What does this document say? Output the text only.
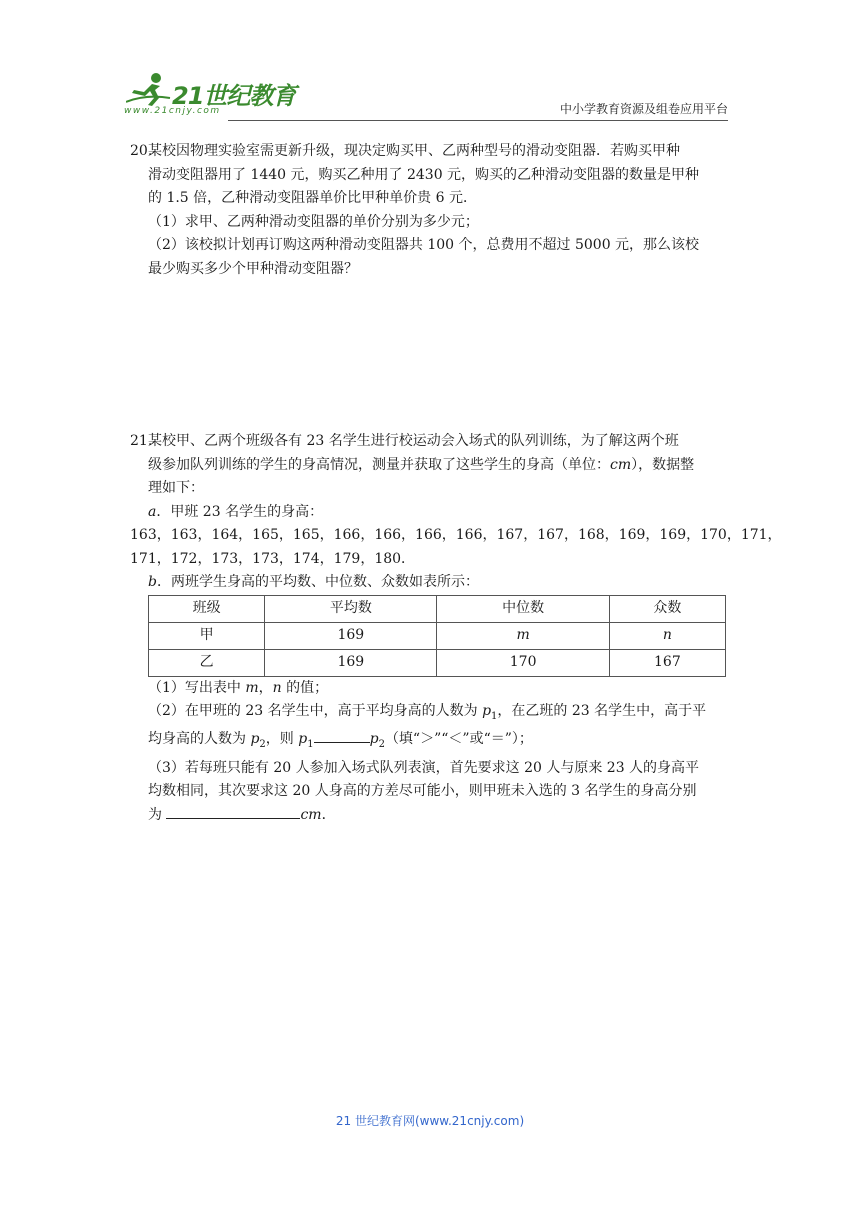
21世纪教育
www.21cnjy.com	中小学教育资源及组卷应用平台

20.某校因物理实验室需更新升级，现决定购买甲、乙两种型号的滑动变阻器．若购买甲种

滑动变阻器用了 1440 元，购买乙种用了 2430 元，购买的乙种滑动变阻器的数量是甲种

的 1.5 倍，乙种滑动变阻器单价比甲种单价贵 6 元．

（1）求甲、乙两种滑动变阻器的单价分别为多少元；

（2）该校拟计划再订购这两种滑动变阻器共 100 个，总费用不超过 5000 元，那么该校

最少购买多少个甲种滑动变阻器？

21.某校甲、乙两个班级各有 23 名学生进行校运动会入场式的队列训练，为了解这两个班

级参加队列训练的学生的身高情况，测量并获取了这些学生的身高（单位：cm），数据整

理如下：

a．甲班 23 名学生的身高：

163，163，164，165，165，166，166，166，166，167，167，168，169，169，170，171，

171，172，173，173，174，179，180．

b．两班学生身高的平均数、中位数、众数如表所示：

班级	平均数	中位数	众数
甲	169	m	n
乙	169	170	167

（1）写出表中 m，n 的值；

（2）在甲班的 23 名学生中，高于平均身高的人数为 $p_1$，在乙班的 23 名学生中，高于平

均身高的人数为 $p_2$，则 $p_1$	$p_2$（填“＞”“＜”或“＝”）；

（3）若每班只能有 20 人参加入场式队列表演，首先要求这 20 人与原来 23 人的身高平

均数相同，其次要求这 20 人身高的方差尽可能小，则甲班未入选的 3 名学生的身高分别

为	cm．

21 世纪教育网(www.21cnjy.com)
